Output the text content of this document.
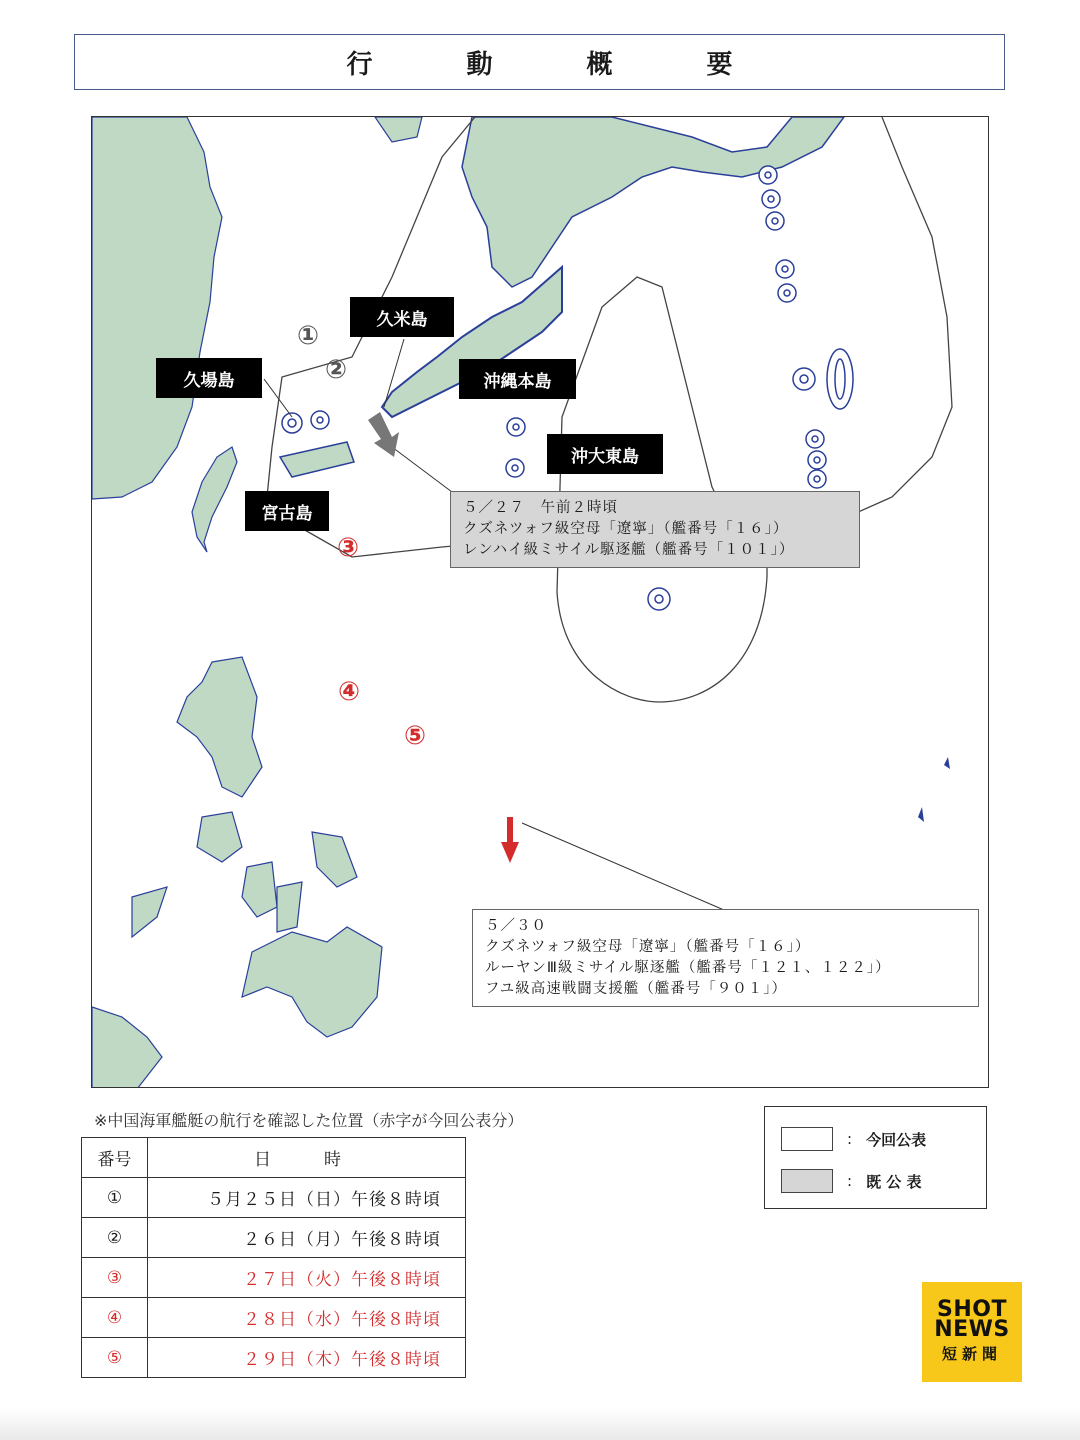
行　動　概　要
久米島
久場島
宮古島
沖縄本島
沖大東島
①
②
③
④
⑤
５／２７　午前２時頃
クズネツォフ級空母「遼寧」（艦番号「１６」）
レンハイ級ミサイル駆逐艦（艦番号「１０１」）
５／３０
クズネツォフ級空母「遼寧」（艦番号「１６」）
ルーヤンⅢ級ミサイル駆逐艦（艦番号「１２１、１２２」）
フユ級高速戦闘支援艦（艦番号「９０１」）
※中国海軍艦艇の航行を確認した位置（赤字が今回公表分）
番号	日　時
①	５月２５日（日）午後８時頃
②	２６日（月）午後８時頃
③	２７日（火）午後８時頃
④	２８日（水）午後８時頃
⑤	２９日（木）午後８時頃
: 今回公表
: 既 公 表
SHOT
NEWS
短新聞
